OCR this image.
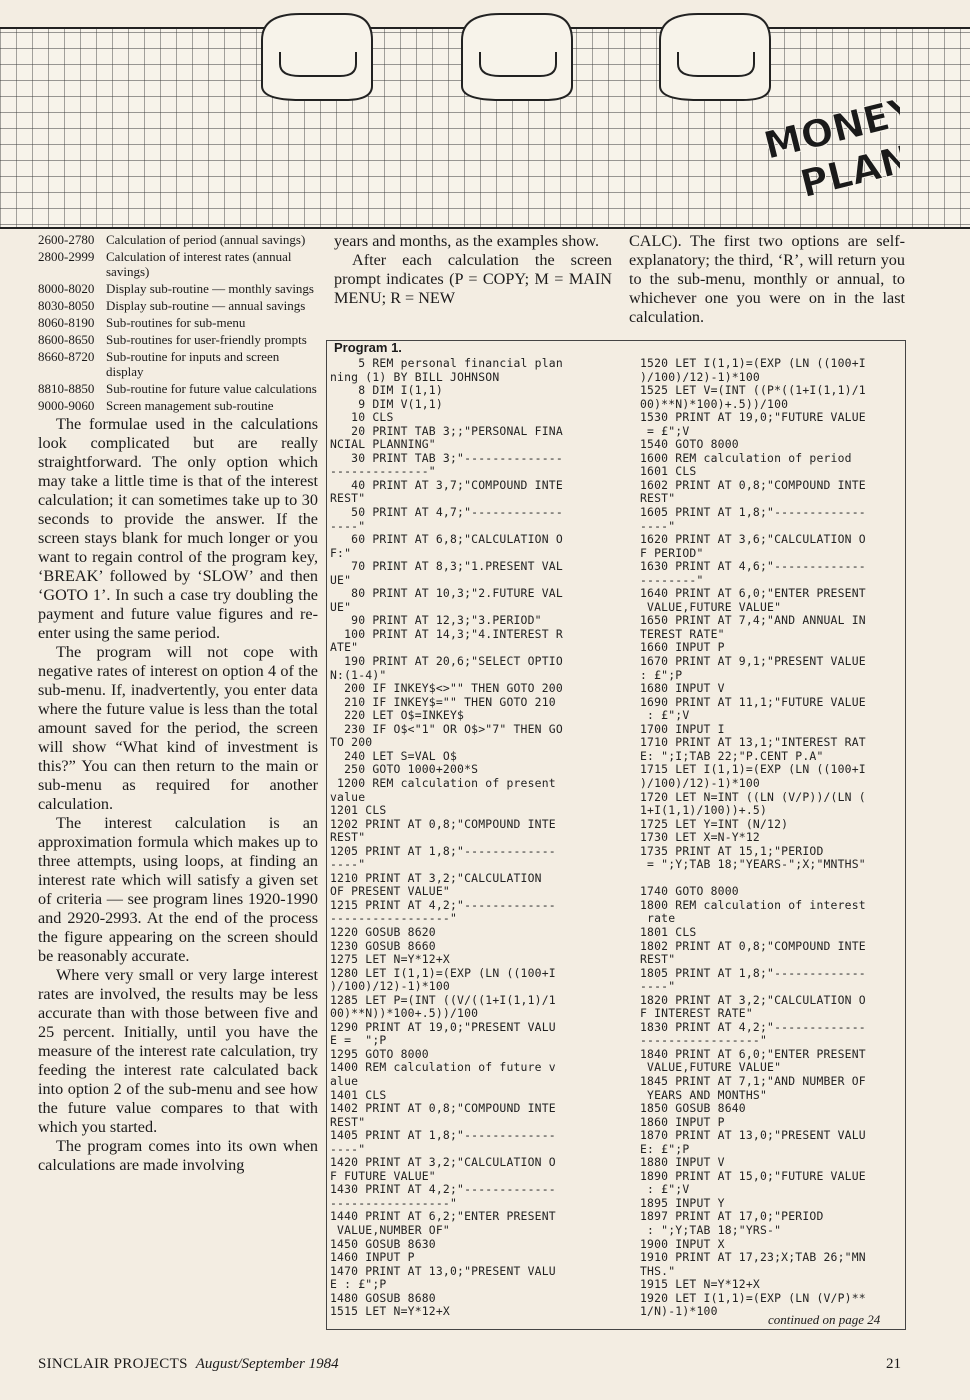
MONEY
PLAN
2600-2780 Calculation of period (annual savings)
2800-2999 Calculation of interest rates (annual savings)
8000-8020 Display sub-routine — monthly savings
8030-8050 Display sub-routine — annual savings
8060-8190 Sub-routines for sub-menu
8600-8650 Sub-routines for user-friendly prompts
8660-8720 Sub-routine for inputs and screen display
8810-8850 Sub-routine for future value calculations
9000-9060 Screen management sub-routine

The formulae used in the calculations look complicated but are really straightforward. The only option which may take a little time is that of the interest calculation; it can sometimes take up to 30 seconds to provide the answer. If the screen stays blank for much longer or you want to regain control of the program key, ‘BREAK’ followed by ‘SLOW’ and then ‘GOTO 1’. In such a case try doubling the payment and future value figures and re-enter using the same period.

The program will not cope with negative rates of interest on option 4 of the sub-menu. If, inadvertently, you enter data where the future value is less than the total amount saved for the period, the screen will show “What kind of investment is this?” You can then return to the main or sub-menu as required for another calculation.

The interest calculation is an approximation formula which makes up to three attempts, using loops, at finding an interest rate which will satisfy a given set of criteria — see program lines 1920-1990 and 2920-2993. At the end of the process the figure appearing on the screen should be reasonably accurate.

Where very small or very large interest rates are involved, the results may be less accurate than with those between five and 25 percent. Initially, until you have the measure of the interest rate calculation, try feeding the interest rate calculated back into option 2 of the sub-menu and see how the future value compares to that with which you started.

The program comes into its own when calculations are made involving

years and months, as the examples show.

After each calculation the screen prompt indicates (P = COPY; M = MAIN MENU; R = NEW

CALC). The first two options are self-explanatory; the third, ‘R’, will return you to the sub-menu, monthly or annual, to whichever one you were on in the last calculation.

Program 1.
5 REM personal financial plan
ning (1) BY BILL JOHNSON
8 DIM I(1,1)
9 DIM V(1,1)
10 CLS
20 PRINT TAB 3;;"PERSONAL FINA
NCIAL PLANNING"
30 PRINT TAB 3;"--------------
--------------"
40 PRINT AT 3,7;"COMPOUND INTE
REST"
50 PRINT AT 4,7;"-------------
----"
60 PRINT AT 6,8;"CALCULATION O
F:"
70 PRINT AT 8,3;"1.PRESENT VAL
UE"
80 PRINT AT 10,3;"2.FUTURE VAL
UE"
90 PRINT AT 12,3;"3.PERIOD"
100 PRINT AT 14,3;"4.INTEREST R
ATE"
190 PRINT AT 20,6;"SELECT OPTIO
N:(1-4)"
200 IF INKEY$<>"" THEN GOTO 200
210 IF INKEY$="" THEN GOTO 210
220 LET O$=INKEY$
230 IF O$<"1" OR O$>"7" THEN GO
TO 200
240 LET S=VAL O$
250 GOTO 1000+200*S
1200 REM calculation of present
value
1201 CLS
1202 PRINT AT 0,8;"COMPOUND INTE
REST"
1205 PRINT AT 1,8;"-------------
----"
1210 PRINT AT 3,2;"CALCULATION
OF PRESENT VALUE"
1215 PRINT AT 4,2;"-------------
-----------------"
1220 GOSUB 8620
1230 GOSUB 8660
1275 LET N=Y*12+X
1280 LET I(1,1)=(EXP (LN ((100+I
)/100)/12)-1)*100
1285 LET P=(INT ((V/((1+I(1,1)/1
00)**N))*100+.5))/100
1290 PRINT AT 19,0;"PRESENT VALU
E =  ";P
1295 GOTO 8000
1400 REM calculation of future v
alue
1401 CLS
1402 PRINT AT 0,8;"COMPOUND INTE
REST"
1405 PRINT AT 1,8;"-------------
----"
1420 PRINT AT 3,2;"CALCULATION O
F FUTURE VALUE"
1430 PRINT AT 4,2;"-------------
-----------------"
1440 PRINT AT 6,2;"ENTER PRESENT
VALUE,NUMBER OF"
1450 GOSUB 8630
1460 INPUT P
1470 PRINT AT 13,0;"PRESENT VALU
E : £";P
1480 GOSUB 8680
1515 LET N=Y*12+X
1520 LET I(1,1)=(EXP (LN ((100+I
)/100)/12)-1)*100
1525 LET V=(INT ((P*((1+I(1,1)/1
00)**N)*100)+.5))/100
1530 PRINT AT 19,0;"FUTURE VALUE
= £";V
1540 GOTO 8000
1600 REM calculation of period
1601 CLS
1602 PRINT AT 0,8;"COMPOUND INTE
REST"
1605 PRINT AT 1,8;"-------------
----"
1620 PRINT AT 3,6;"CALCULATION O
F PERIOD"
1630 PRINT AT 4,6;"-------------
--------"
1640 PRINT AT 6,0;"ENTER PRESENT
VALUE,FUTURE VALUE"
1650 PRINT AT 7,4;"AND ANNUAL IN
TEREST RATE"
1660 INPUT P
1670 PRINT AT 9,1;"PRESENT VALUE
: £";P
1680 INPUT V
1690 PRINT AT 11,1;"FUTURE VALUE
: £";V
1700 INPUT I
1710 PRINT AT 13,1;"INTEREST RAT
E: ";I;TAB 22;"P.CENT P.A"
1715 LET I(1,1)=(EXP (LN ((100+I
)/100)/12)-1)*100
1720 LET N=INT ((LN (V/P))/(LN (
1+I(1,1)/100))+.5)
1725 LET Y=INT (N/12)
1730 LET X=N-Y*12
1735 PRINT AT 15,1;"PERIOD
= ";Y;TAB 18;"YEARS-";X;"MNTHS"

1740 GOTO 8000
1800 REM calculation of interest
rate
1801 CLS
1802 PRINT AT 0,8;"COMPOUND INTE
REST"
1805 PRINT AT 1,8;"-------------
----"
1820 PRINT AT 3,2;"CALCULATION O
F INTEREST RATE"
1830 PRINT AT 4,2;"-------------
-----------------"
1840 PRINT AT 6,0;"ENTER PRESENT
VALUE,FUTURE VALUE"
1845 PRINT AT 7,1;"AND NUMBER OF
YEARS AND MONTHS"
1850 GOSUB 8640
1860 INPUT P
1870 PRINT AT 13,0;"PRESENT VALU
E: £";P
1880 INPUT V
1890 PRINT AT 15,0;"FUTURE VALUE
: £";V
1895 INPUT Y
1897 PRINT AT 17,0;"PERIOD
: ";Y;TAB 18;"YRS-"
1900 INPUT X
1910 PRINT AT 17,23;X;TAB 26;"MN
THS."
1915 LET N=Y*12+X
1920 LET I(1,1)=(EXP (LN (V/P)**
1/N)-1)*100
continued on page 24
SINCLAIR PROJECTS August/September 1984	21
